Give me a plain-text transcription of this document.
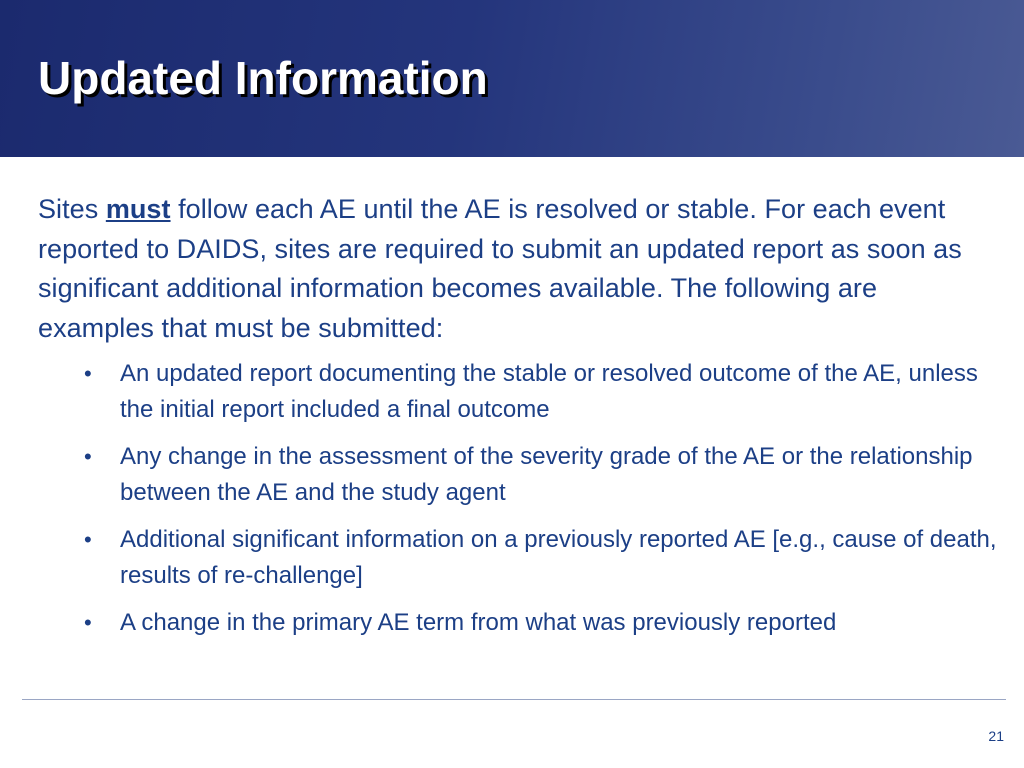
Updated Information

Sites must follow each AE until the AE is resolved or stable. For each event reported to DAIDS, sites are required to submit an updated report as soon as significant additional information becomes available. The following are examples that must be submitted:

• An updated report documenting the stable or resolved outcome of the AE, unless the initial report included a final outcome
• Any change in the assessment of the severity grade of the AE or the relationship between the AE and the study agent
• Additional significant information on a previously reported AE [e.g., cause of death, results of re-challenge]
• A change in the primary AE term from what was previously reported
21
